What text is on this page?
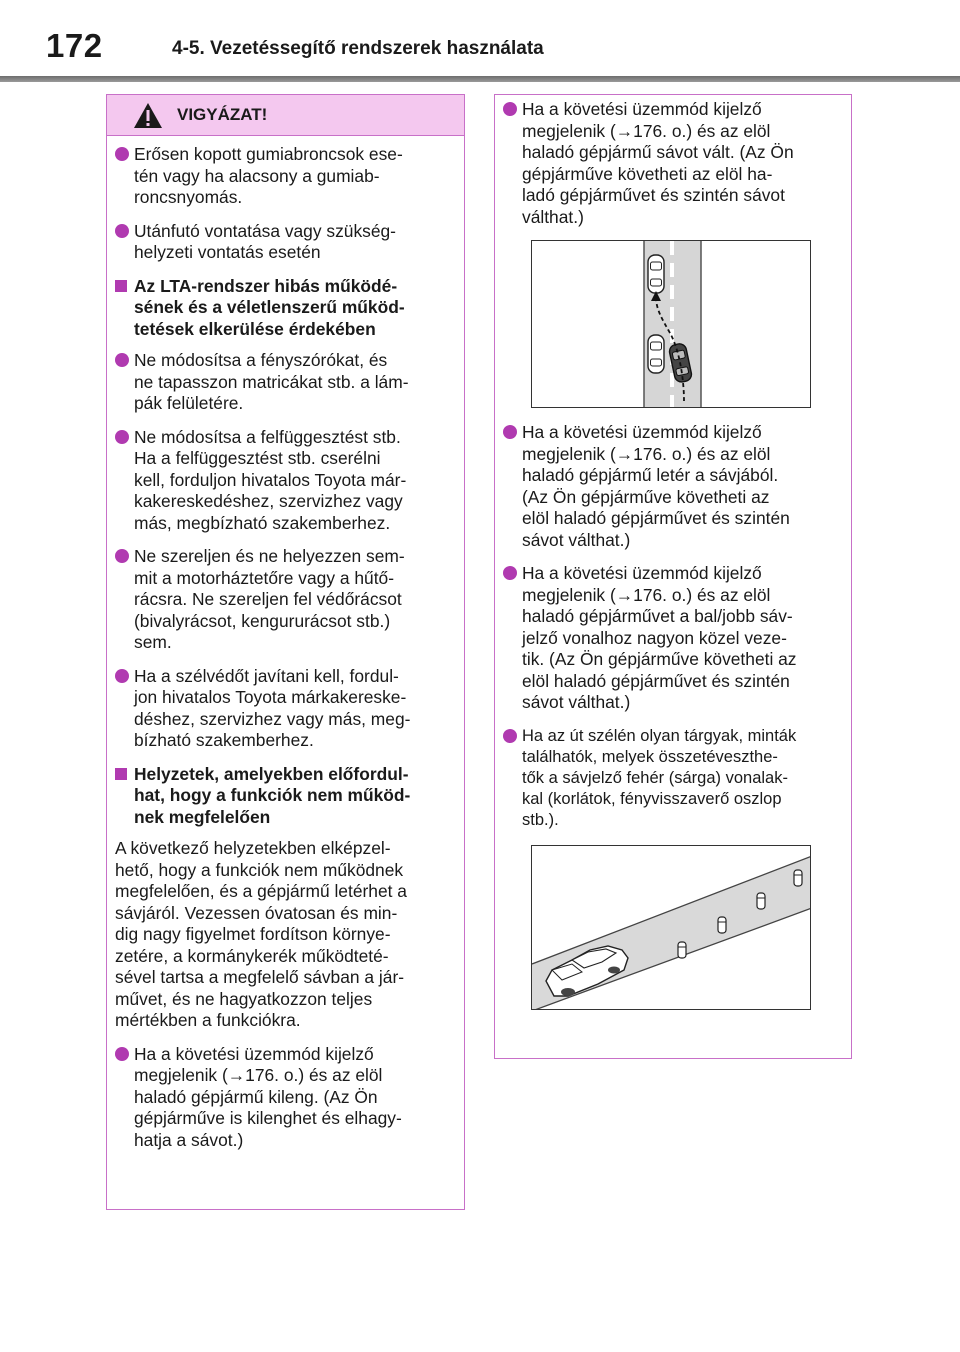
172	4-5. Vezetéssegítő rendszerek használata
VIGYÁZAT!
Erősen kopott gumiabroncsok ese-
tén vagy ha alacsony a gumiab-
roncsnyomás.
Utánfutó vontatása vagy szükség-
helyzeti vontatás esetén
Az LTA-rendszer hibás működé-
sének és a véletlenszerű működ-
tetések elkerülése érdekében
Ne módosítsa a fényszórókat, és
ne tapasszon matricákat stb. a lám-
pák felületére.
Ne módosítsa a felfüggesztést stb.
Ha a felfüggesztést stb. cserélni
kell, forduljon hivatalos Toyota már-
kakereskedéshez, szervizhez vagy
más, megbízható szakemberhez.
Ne szereljen és ne helyezzen sem-
mit a motorháztetőre vagy a hűtő-
rácsra. Ne szereljen fel védőrácsot
(bivalyrácsot, kengururácsot stb.)
sem.
Ha a szélvédőt javítani kell, fordul-
jon hivatalos Toyota márkakereske-
déshez, szervizhez vagy más, meg-
bízható szakemberhez.
Helyzetek, amelyekben előfordul-
hat, hogy a funkciók nem működ-
nek megfelelően
A következő helyzetekben elképzel-
hető, hogy a funkciók nem működnek
megfelelően, és a gépjármű letérhet a
sávjáról. Vezessen óvatosan és min-
dig nagy figyelmet fordítson környe-
zetére, a kormánykerék működteté-
sével tartsa a megfelelő sávban a jár-
művet, és ne hagyatkozzon teljes
mértékben a funkciókra.
Ha a követési üzemmód kijelző
megjelenik (→176. o.) és az elöl
haladó gépjármű kileng. (Az Ön
gépjárműve is kilenghet és elhagy-
hatja a sávot.)
Ha a követési üzemmód kijelző
megjelenik (→176. o.) és az elöl
haladó gépjármű sávot vált. (Az Ön
gépjárműve követheti az elöl ha-
ladó gépjárművet és szintén sávot
válthat.)
Ha a követési üzemmód kijelző
megjelenik (→176. o.) és az elöl
haladó gépjármű letér a sávjából.
(Az Ön gépjárműve követheti az
elöl haladó gépjárművet és szintén
sávot válthat.)
Ha a követési üzemmód kijelző
megjelenik (→176. o.) és az elöl
haladó gépjárművet a bal/jobb sáv-
jelző vonalhoz nagyon közel veze-
tik. (Az Ön gépjárműve követheti az
elöl haladó gépjárművet és szintén
sávot válthat.)
Ha az út szélén olyan tárgyak, minták
találhatók, melyek összetéveszthe-
tők a sávjelző fehér (sárga) vonalak-
kal (korlátok, fényvisszaverő oszlop
stb.).
